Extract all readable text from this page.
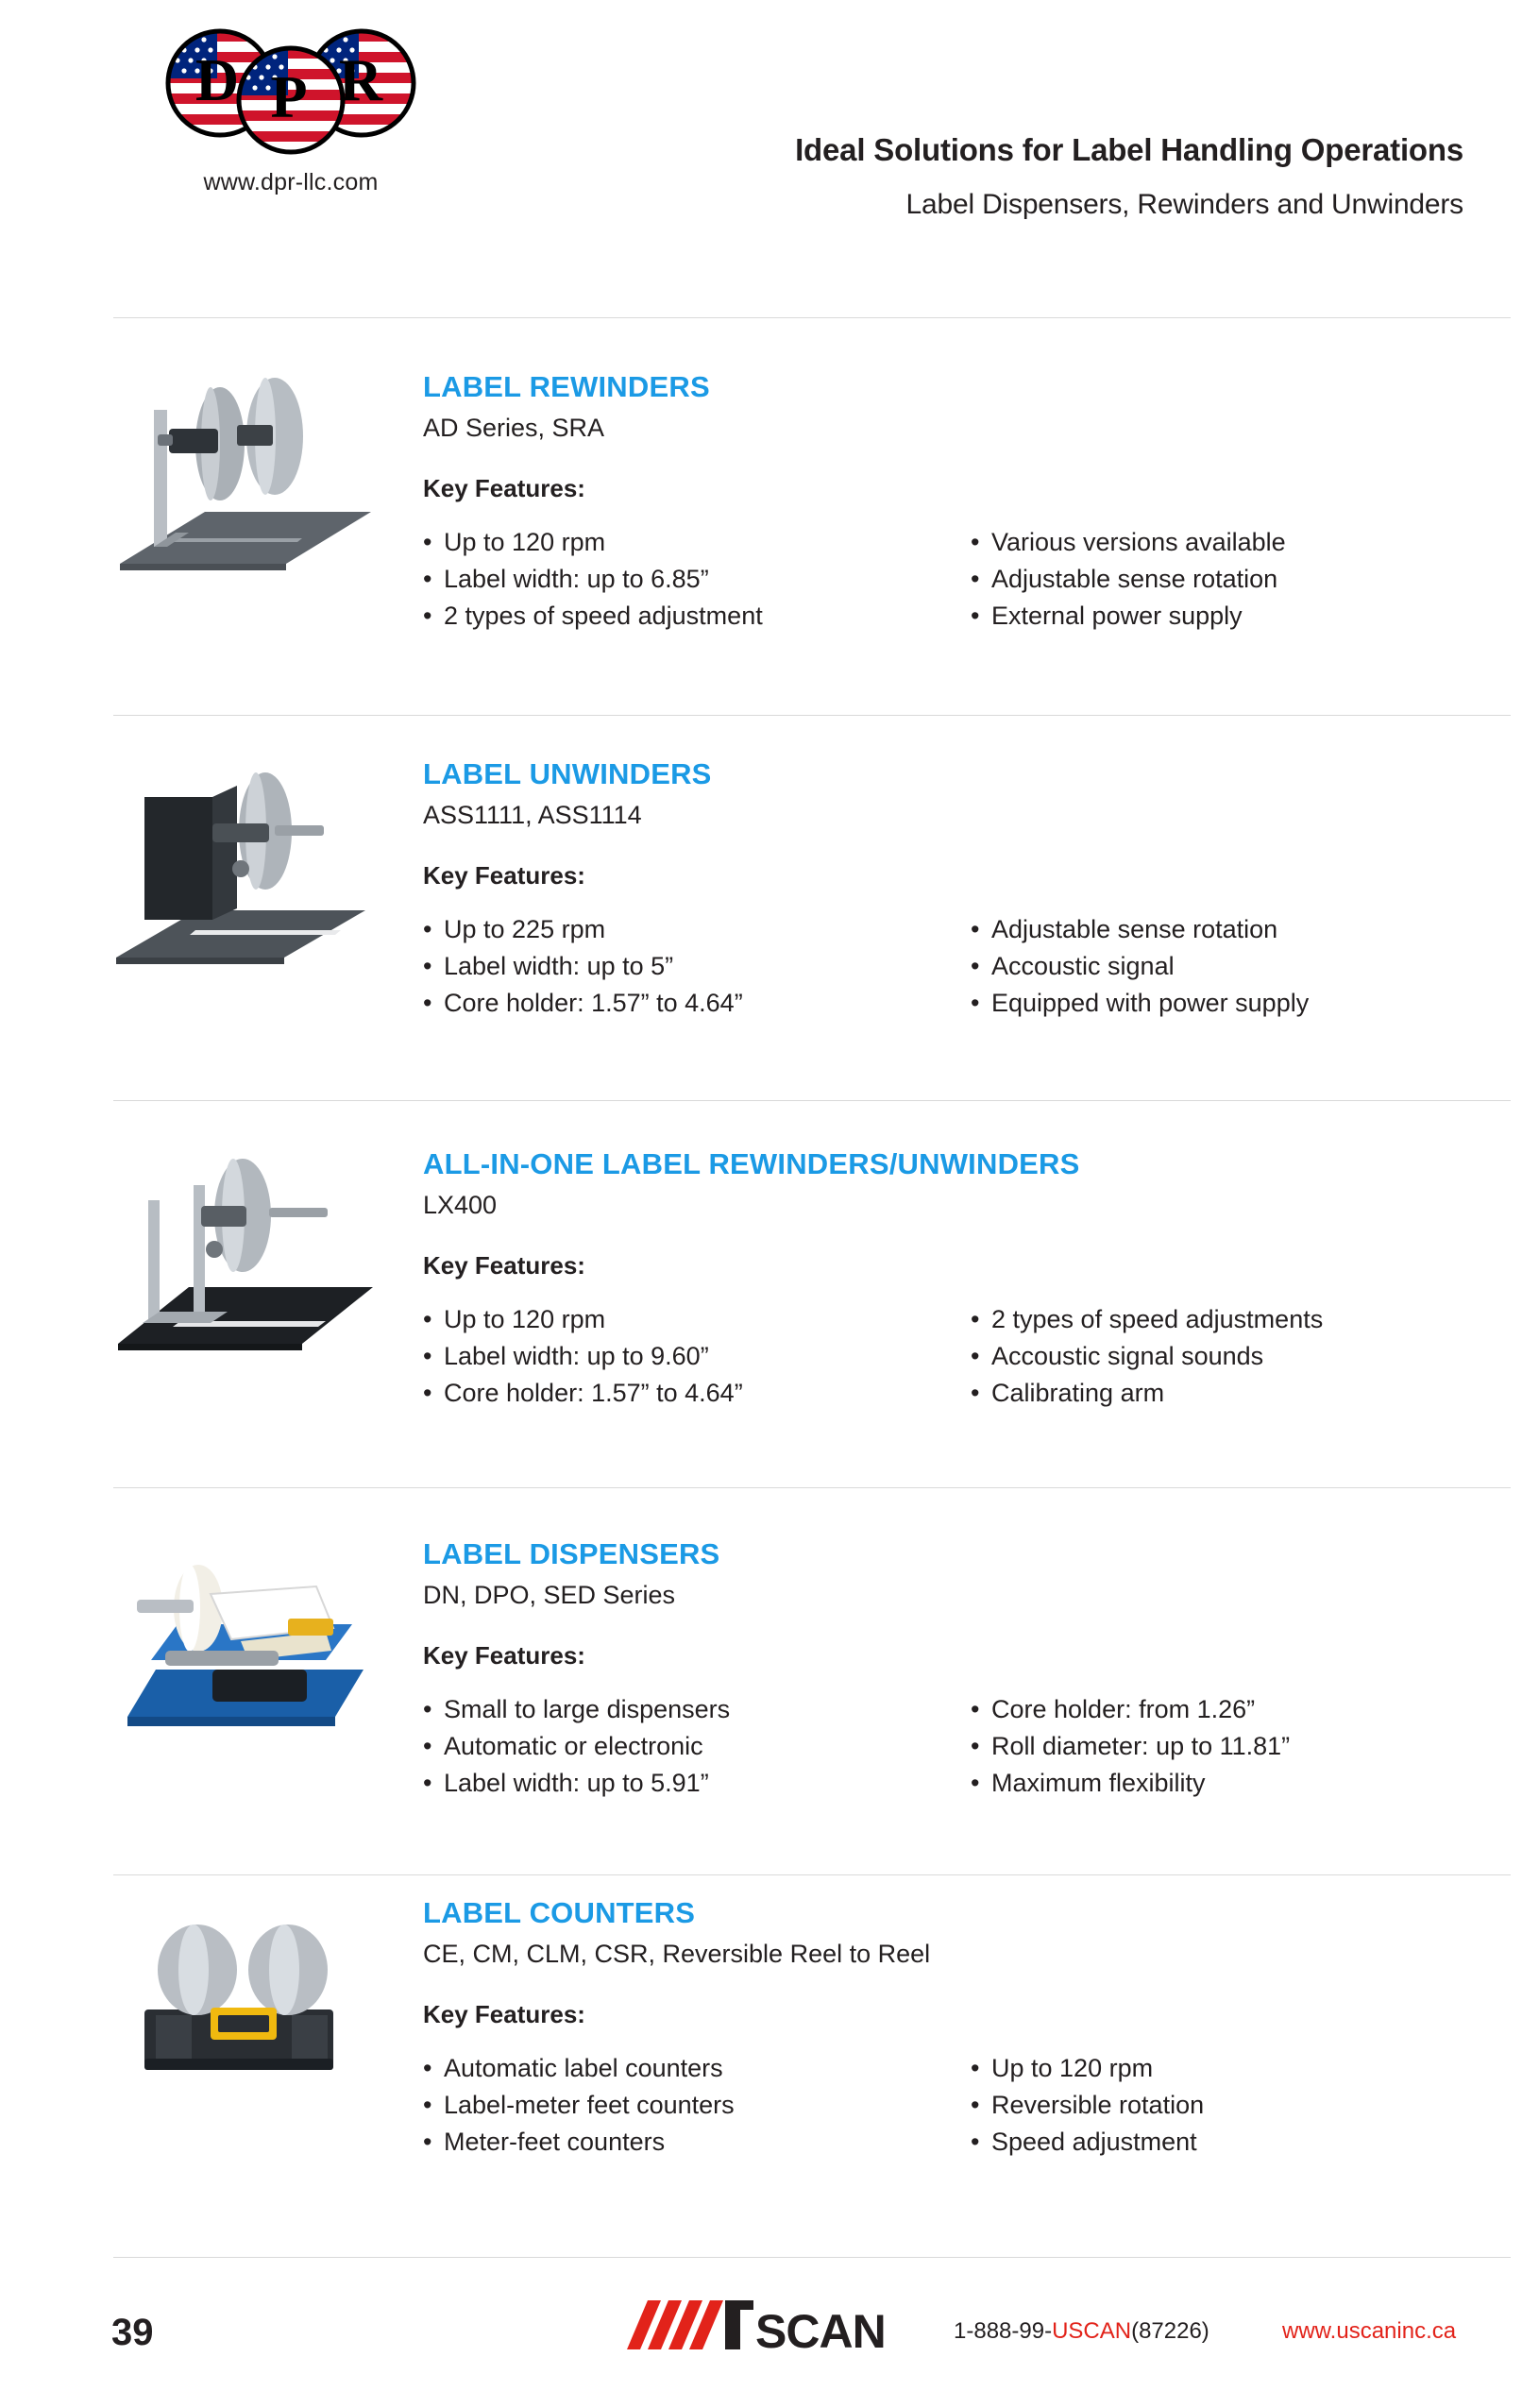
D P R
www.dpr-llc.com
Ideal Solutions for Label Handling Operations
Label Dispensers, Rewinders and Unwinders
LABEL REWINDERS
AD Series, SRA
Key Features:
• Up to 120 rpm
• Label width: up to 6.85”
• 2 types of speed adjustment
• Various versions available
• Adjustable sense rotation
• External power supply
LABEL UNWINDERS
ASS1111, ASS1114
Key Features:
• Up to 225 rpm
• Label width: up to 5”
• Core holder: 1.57” to 4.64”
• Adjustable sense rotation
• Accoustic signal
• Equipped with power supply
ALL-IN-ONE LABEL REWINDERS/UNWINDERS
LX400
Key Features:
• Up to 120 rpm
• Label width: up to 9.60”
• Core holder: 1.57” to 4.64”
• 2 types of speed adjustments
• Accoustic signal sounds
• Calibrating arm
LABEL DISPENSERS
DN, DPO, SED Series
Key Features:
• Small to large dispensers
• Automatic or electronic
• Label width: up to 5.91”
• Core holder: from 1.26”
• Roll diameter: up to 11.81”
• Maximum flexibility
LABEL COUNTERS
CE, CM, CLM, CSR, Reversible Reel to Reel
Key Features:
• Automatic label counters
• Label-meter feet counters
• Meter-feet counters
• Up to 120 rpm
• Reversible rotation
• Speed adjustment
39	SCAN	1-888-99-USCAN(87226)	www.uscaninc.ca
